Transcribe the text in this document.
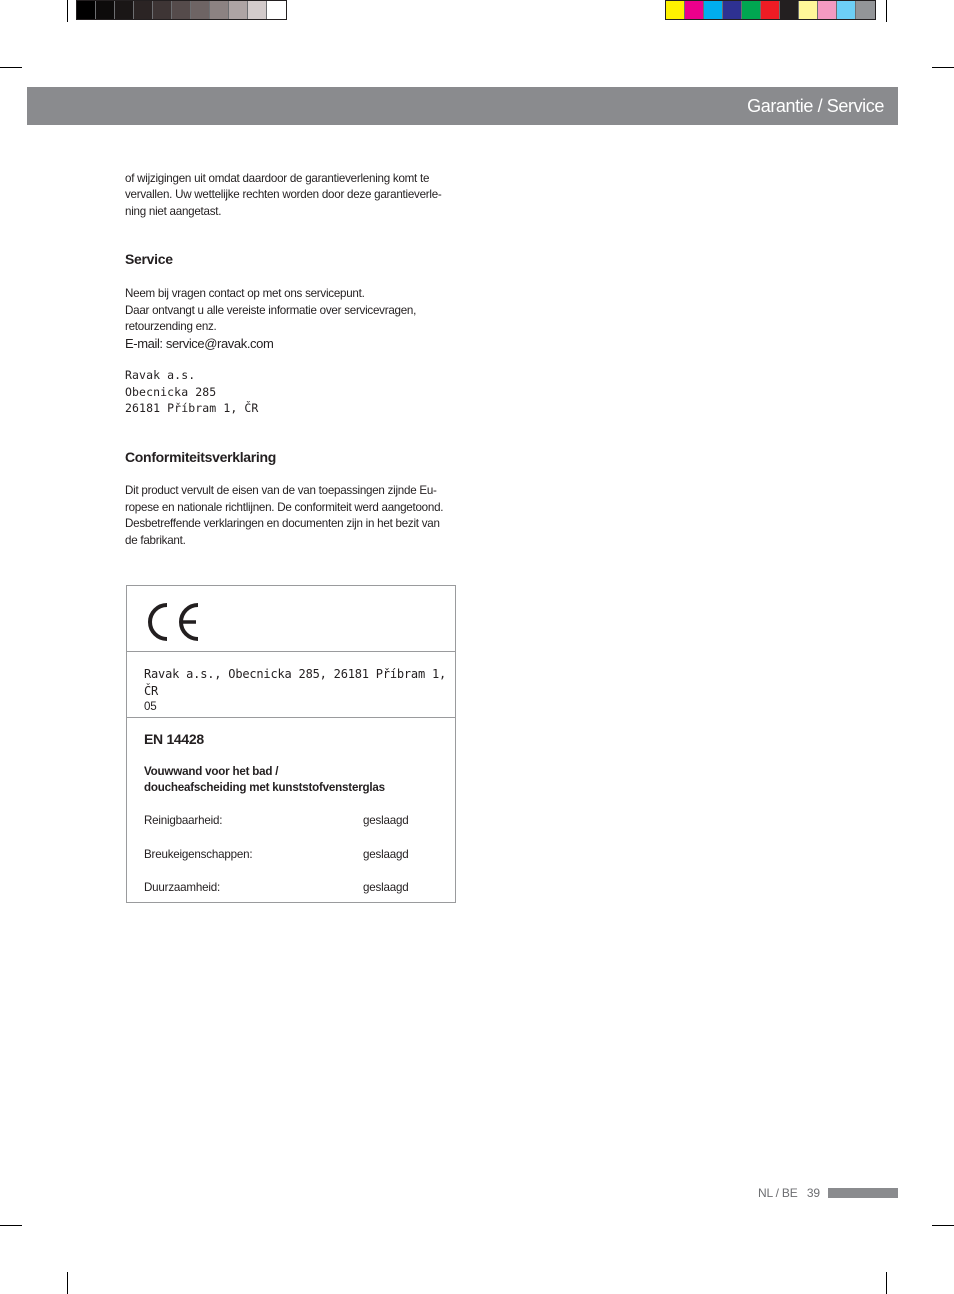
Garantie / Service

of wijzigingen uit omdat daardoor de garantieverlening komt te

vervallen. Uw wettelijke rechten worden door deze garantieverle-

ning niet aangetast.

Service

Neem bij vragen contact op met ons servicepunt.

Daar ontvangt u alle vereiste informatie over servicevragen,

retourzending enz.

E-mail: service@ravak.com

Ravak a.s.

Obecnicka 285

26181 Příbram 1, ČR

Conformiteitsverklaring

Dit product vervult de eisen van de van toepassingen zijnde Eu-

ropese en nationale richtlijnen. De conformiteit werd aangetoond.

Desbetreffende verklaringen en documenten zijn in het bezit van

de fabrikant.

Ravak a.s., Obecnicka 285, 26181 Příbram 1, ČR
05
EN 14428
Vouwwand voor het bad /
doucheafscheiding met kunststofvensterglas
Reinigbaarheid:	geslaagd
Breukeigenschappen:	geslaagd
Duurzaamheid:	geslaagd
NL / BE 39
